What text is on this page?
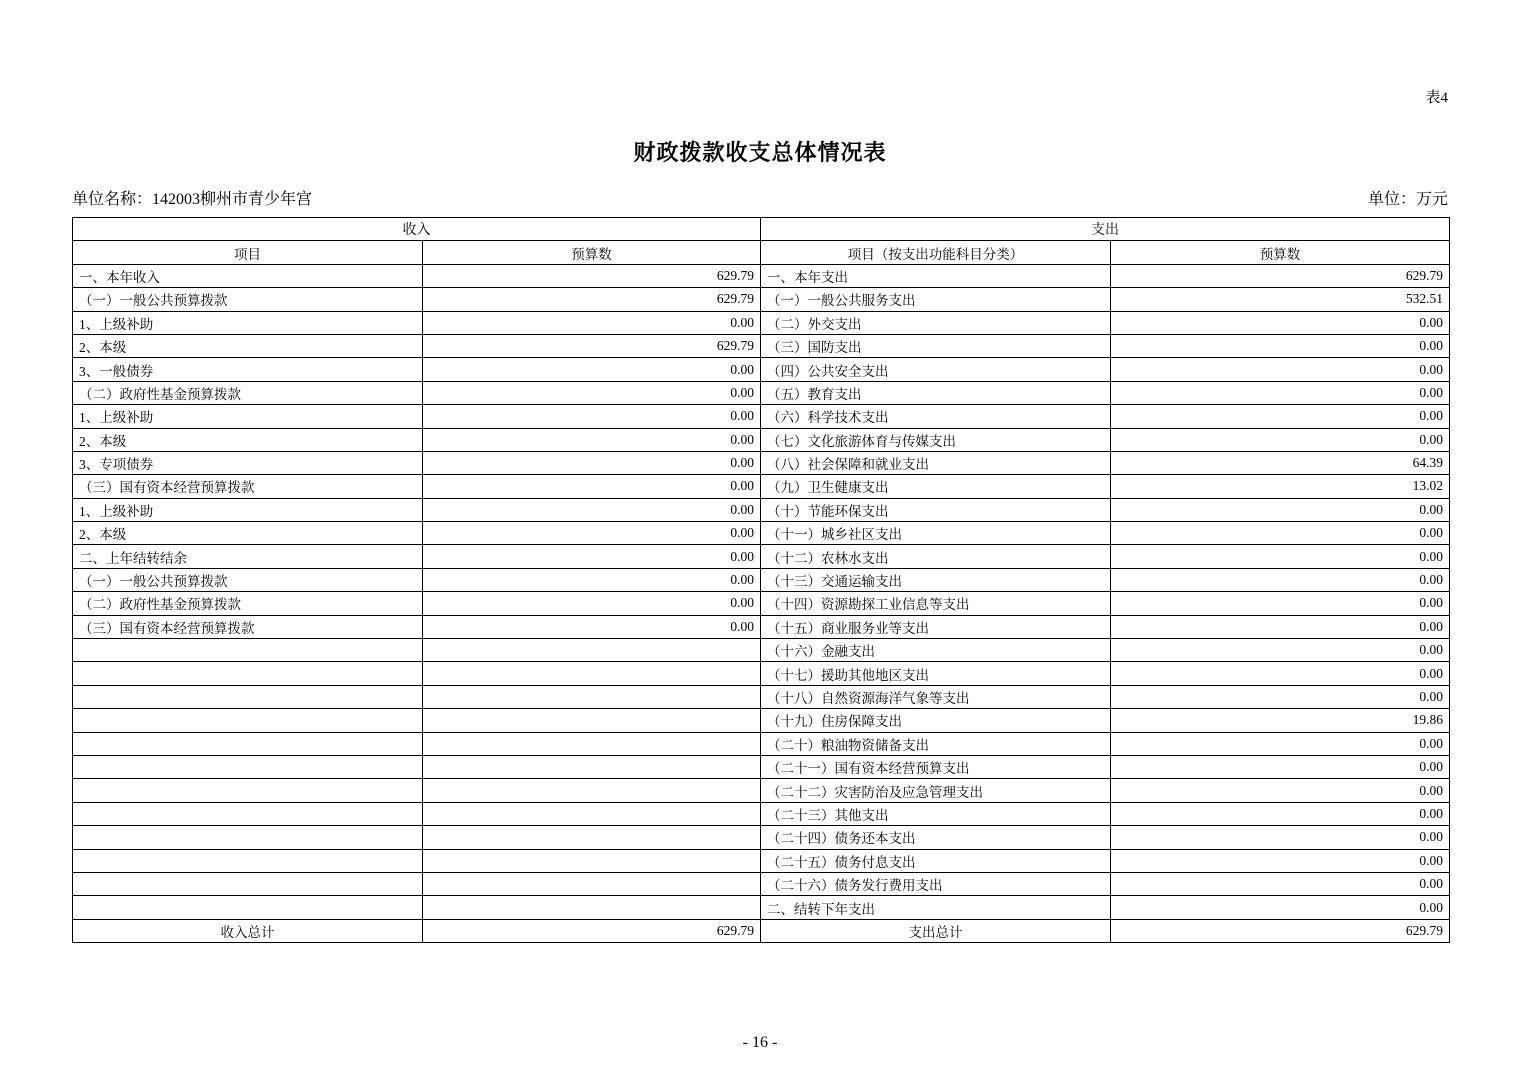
表4
财政拨款收支总体情况表
单位名称：142003柳州市青少年宫	单位：万元
收入		支出	
项目	预算数	项目（按支出功能科目分类）	预算数
一、本年收入	629.79	一、本年支出	629.79
（一）一般公共预算拨款	629.79	（一）一般公共服务支出	532.51
1、上级补助	0.00	（二）外交支出	0.00
2、本级	629.79	（三）国防支出	0.00
3、一般债券	0.00	（四）公共安全支出	0.00
（二）政府性基金预算拨款	0.00	（五）教育支出	0.00
1、上级补助	0.00	（六）科学技术支出	0.00
2、本级	0.00	（七）文化旅游体育与传媒支出	0.00
3、专项债券	0.00	（八）社会保障和就业支出	64.39
（三）国有资本经营预算拨款	0.00	（九）卫生健康支出	13.02
1、上级补助	0.00	（十）节能环保支出	0.00
2、本级	0.00	（十一）城乡社区支出	0.00
二、上年结转结余	0.00	（十二）农林水支出	0.00
（一）一般公共预算拨款	0.00	（十三）交通运输支出	0.00
（二）政府性基金预算拨款	0.00	（十四）资源勘探工业信息等支出	0.00
（三）国有资本经营预算拨款	0.00	（十五）商业服务业等支出	0.00
		（十六）金融支出	0.00
		（十七）援助其他地区支出	0.00
		（十八）自然资源海洋气象等支出	0.00
		（十九）住房保障支出	19.86
		（二十）粮油物资储备支出	0.00
		（二十一）国有资本经营预算支出	0.00
		（二十二）灾害防治及应急管理支出	0.00
		（二十三）其他支出	0.00
		（二十四）债务还本支出	0.00
		（二十五）债务付息支出	0.00
		（二十六）债务发行费用支出	0.00
		二、结转下年支出	0.00
收入总计	629.79	支出总计	629.79
- 16 -
